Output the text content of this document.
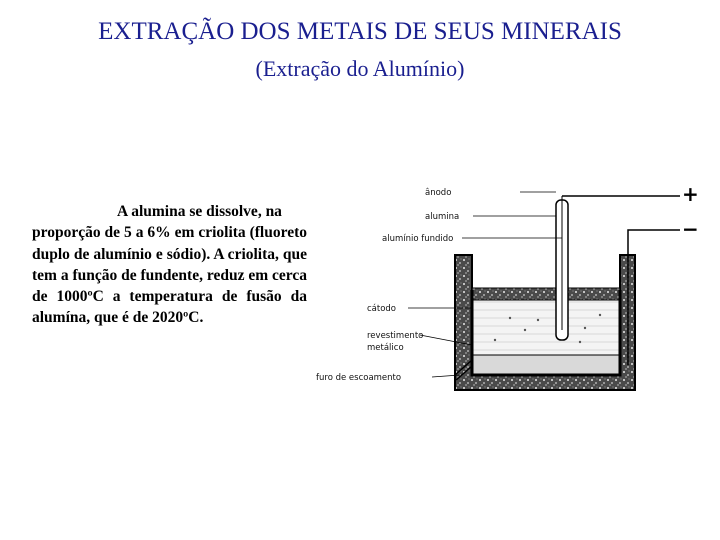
EXTRAÇÃO DOS METAIS DE SEUS MINERAIS
(Extração do Alumínio)
A alumina se dissolve, na
proporção de 5 a 6% em criolita (fluoreto duplo de alumínio e sódio). A criolita, que tem a função de fundente, reduz em cerca de 1000ºC a temperatura de fusão da alumína, que é de 2020ºC.
ânodo
alumina
alumínio fundido
cátodo
revestimento
metálico
furo de escoamento
+
−
